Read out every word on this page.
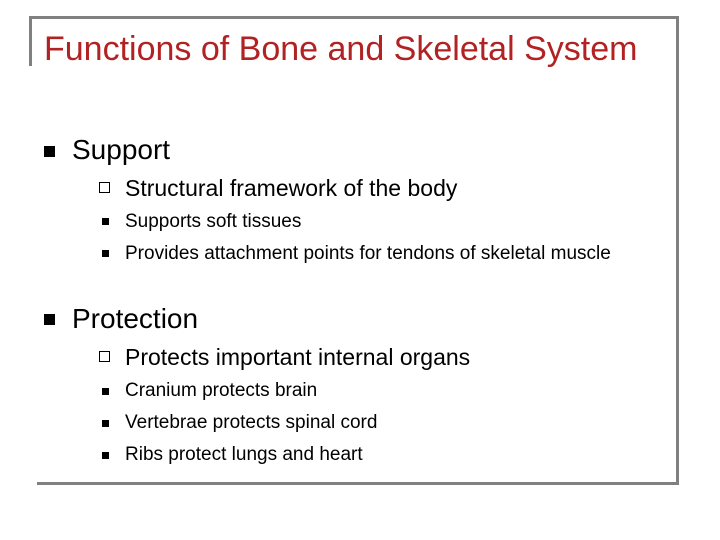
Functions of Bone and Skeletal System
Support
Structural framework of the body
Supports soft tissues
Provides attachment points for tendons of skeletal muscle
Protection
Protects important internal organs
Cranium protects brain
Vertebrae protects spinal cord
Ribs protect lungs and heart
